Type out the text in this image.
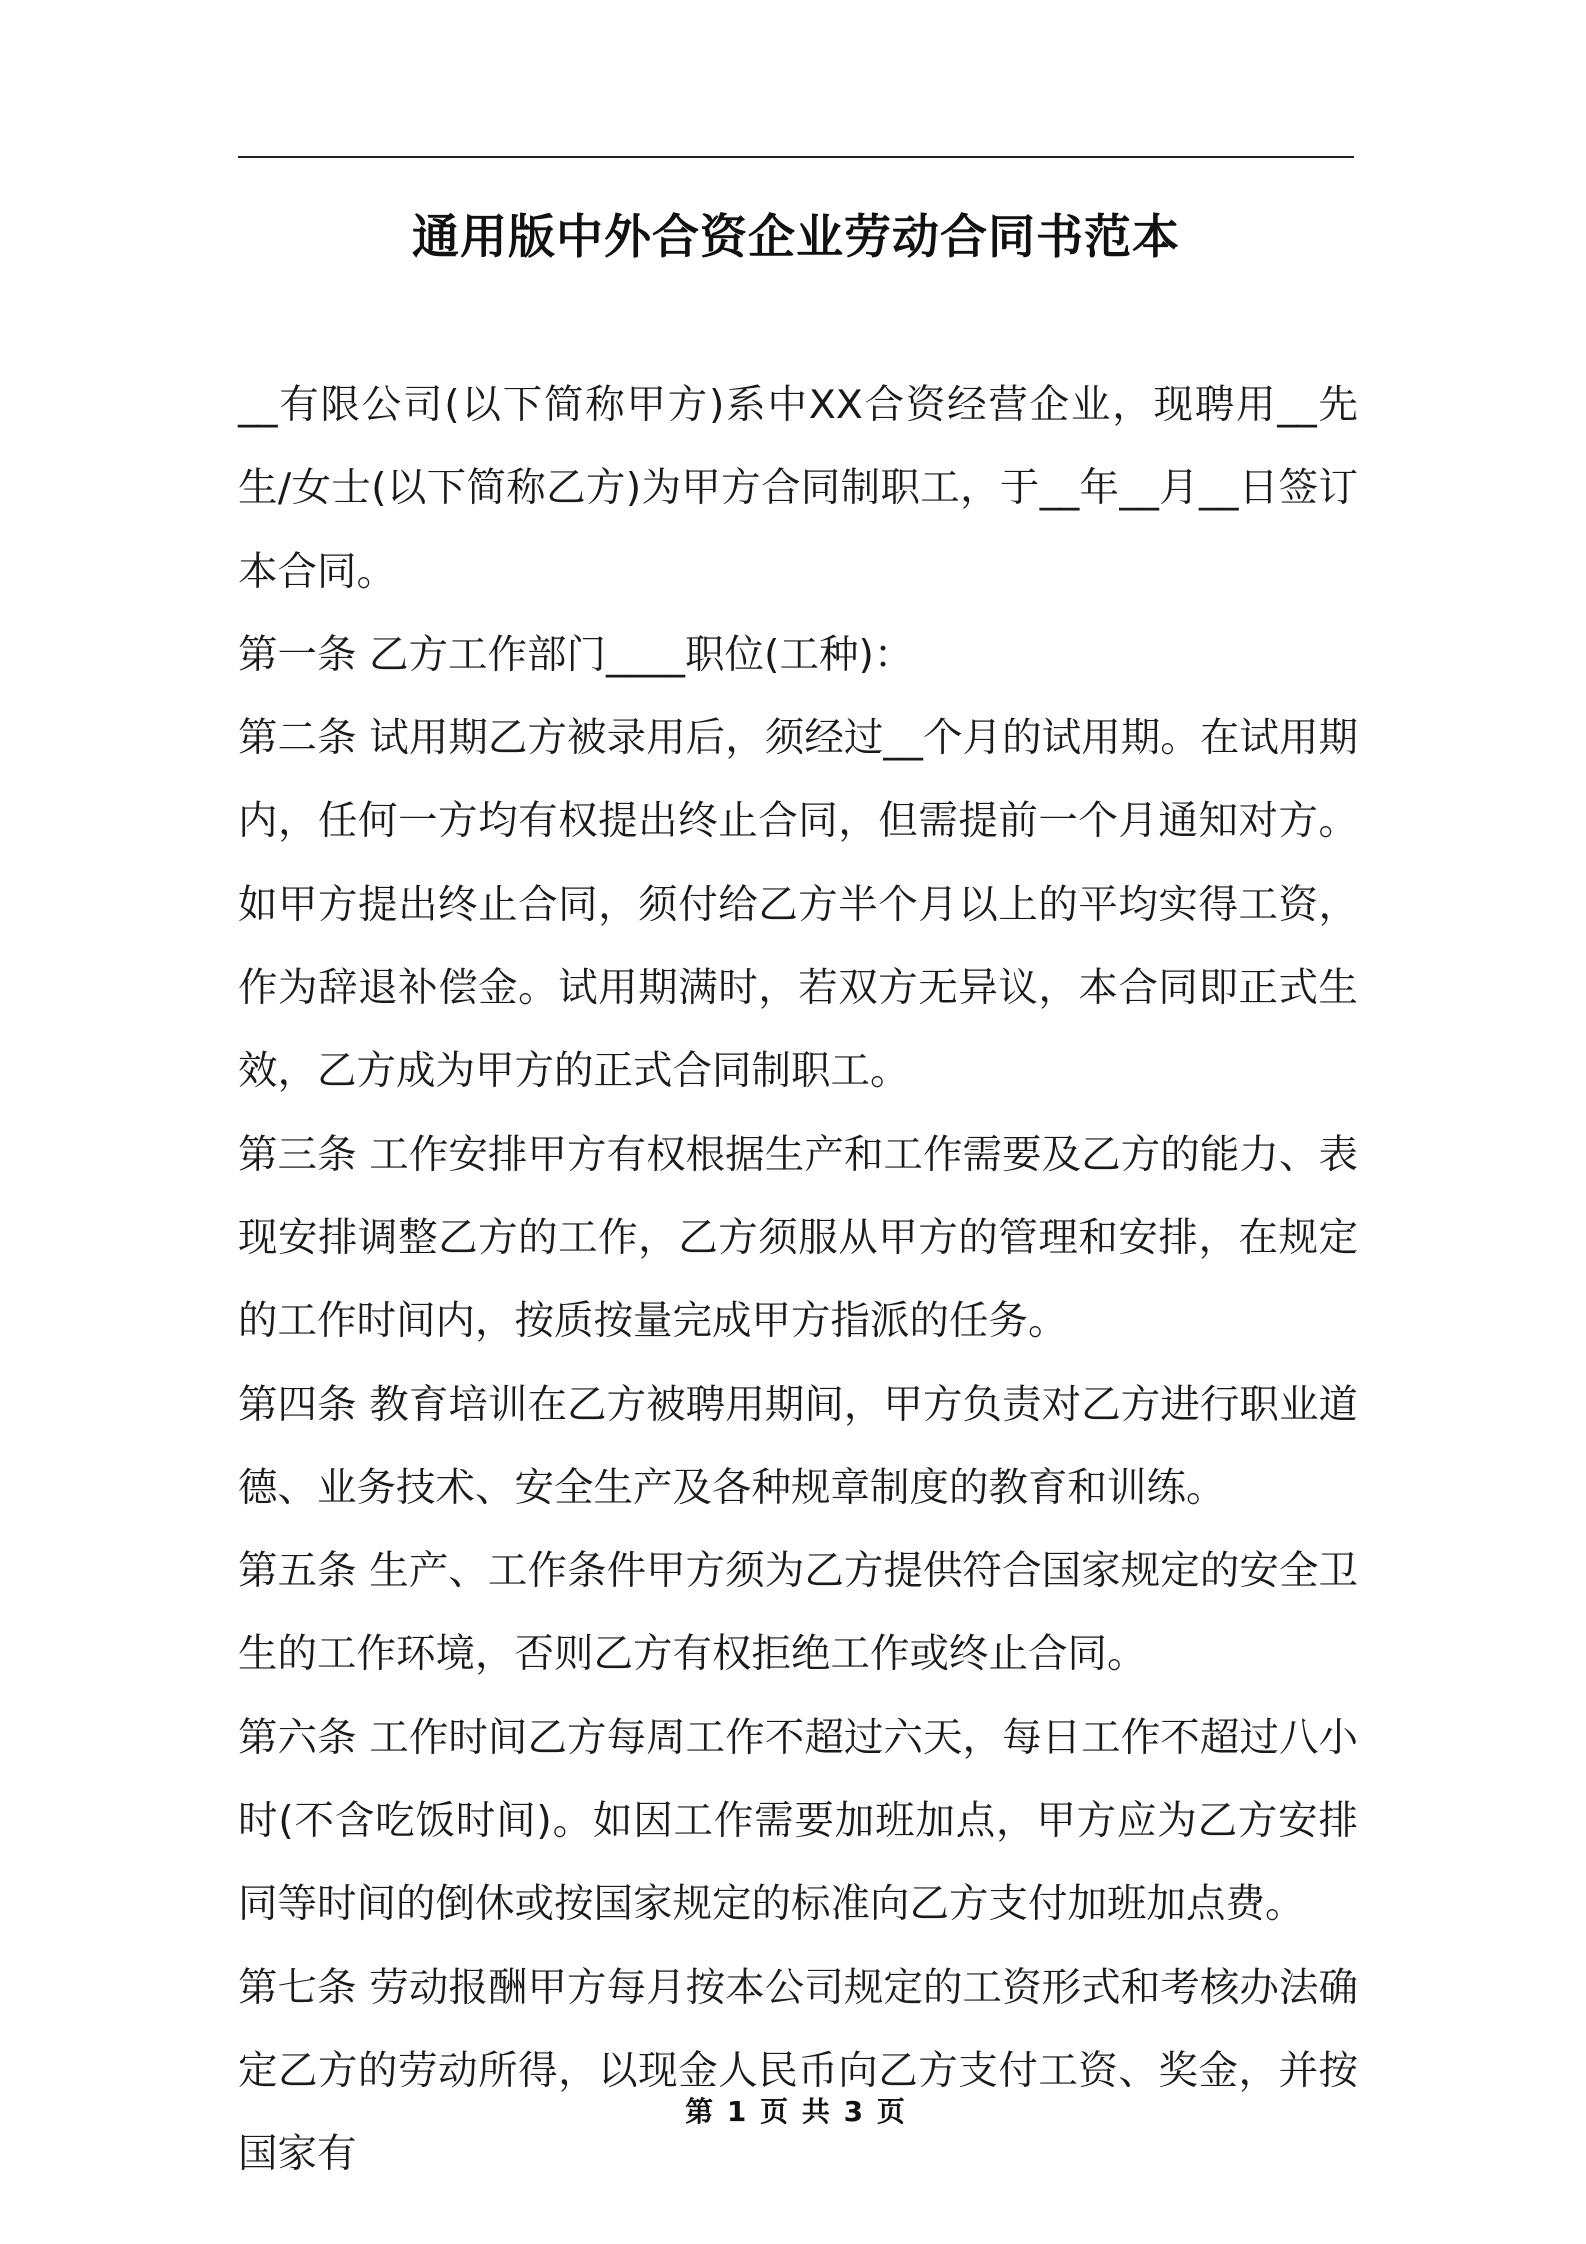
通用版中外合资企业劳动合同书范本

__有限公司(以下简称甲方)系中XX合资经营企业，现聘用__先生/女士(以下简称乙方)为甲方合同制职工，于__年__月__日签订本合同。

第一条 乙方工作部门____职位(工种)：

第二条 试用期乙方被录用后，须经过__个月的试用期。在试用期内，任何一方均有权提出终止合同，但需提前一个月通知对方。如甲方提出终止合同，须付给乙方半个月以上的平均实得工资，作为辞退补偿金。试用期满时，若双方无异议，本合同即正式生效，乙方成为甲方的正式合同制职工。

第三条 工作安排甲方有权根据生产和工作需要及乙方的能力、表现安排调整乙方的工作，乙方须服从甲方的管理和安排，在规定的工作时间内，按质按量完成甲方指派的任务。

第四条 教育培训在乙方被聘用期间，甲方负责对乙方进行职业道德、业务技术、安全生产及各种规章制度的教育和训练。

第五条 生产、工作条件甲方须为乙方提供符合国家规定的安全卫生的工作环境，否则乙方有权拒绝工作或终止合同。

第六条 工作时间乙方每周工作不超过六天，每日工作不超过八小时(不含吃饭时间)。如因工作需要加班加点，甲方应为乙方安排同等时间的倒休或按国家规定的标准向乙方支付加班加点费。

第七条 劳动报酬甲方每月按本公司规定的工资形式和考核办法确定乙方的劳动所得，以现金人民币向乙方支付工资、奖金，并按国家有

第 1 页 共 3 页
